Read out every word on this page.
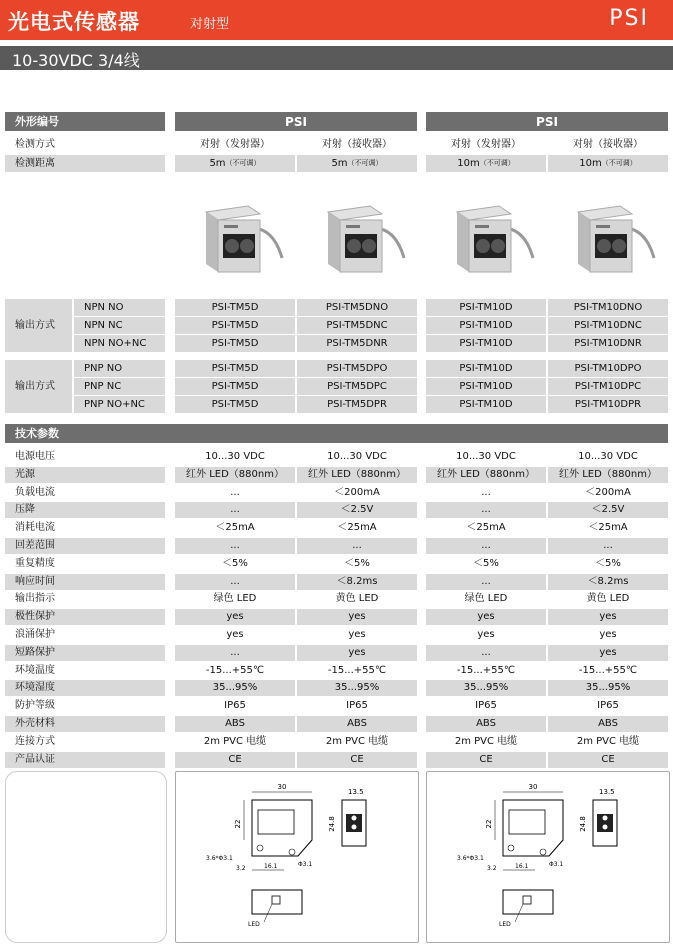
光电式传感器	对射型	PSI
10-30VDC 3/4线
外形编号	PSI	PSI
检测方式	对射（发射器）	对射（接收器）	对射（发射器）	对射（接收器）
检测距离	5m （不可调）	5m （不可调）	10m （不可调）	10m （不可调）
输出方式
NPN NO	PSI-TM5D	PSI-TM5DNO	PSI-TM10D	PSI-TM10DNO
NPN NC	PSI-TM5D	PSI-TM5DNC	PSI-TM10D	PSI-TM10DNC
NPN NO+NC	PSI-TM5D	PSI-TM5DNR	PSI-TM10D	PSI-TM10DNR
输出方式
PNP NO	PSI-TM5D	PSI-TM5DPO	PSI-TM10D	PSI-TM10DPO
PNP NC	PSI-TM5D	PSI-TM5DPC	PSI-TM10D	PSI-TM10DPC
PNP NO+NC	PSI-TM5D	PSI-TM5DPR	PSI-TM10D	PSI-TM10DPR
技术参数
电源电压	10...30 VDC	10...30 VDC	10...30 VDC	10...30 VDC
光源	红外 LED（880nm）	红外 LED（880nm）	红外 LED（880nm）	红外 LED（880nm）
负载电流	...	＜200mA	...	＜200mA
压降	...	＜2.5V	...	＜2.5V
消耗电流	＜25mA	＜25mA	＜25mA	＜25mA
回差范围	...	...	...	...
重复精度	＜5%	＜5%	＜5%	＜5%
响应时间	...	＜8.2ms	...	＜8.2ms
输出指示	绿色 LED	黄色 LED	绿色 LED	黄色 LED
极性保护	yes	yes	yes	yes
浪涌保护	yes	yes	yes	yes
短路保护	...	yes	...	yes
环境温度	-15...+55℃	-15...+55℃	-15...+55℃	-15...+55℃
环境湿度	35...95%	35...95%	35...95%	35...95%
防护等级	IP65	IP65	IP65	IP65
外壳材料	ABS	ABS	ABS	ABS
连接方式	2m PVC 电缆	2m PVC 电缆	2m PVC 电缆	2m PVC 电缆
产品认证	CE	CE	CE	CE
30
22
3.6*Φ3.1
Φ3.1
3.2	16.1
13.5
24.8
LED
30
22
3.6*Φ3.1
Φ3.1
3.2	16.1
13.5
24.8
LED
